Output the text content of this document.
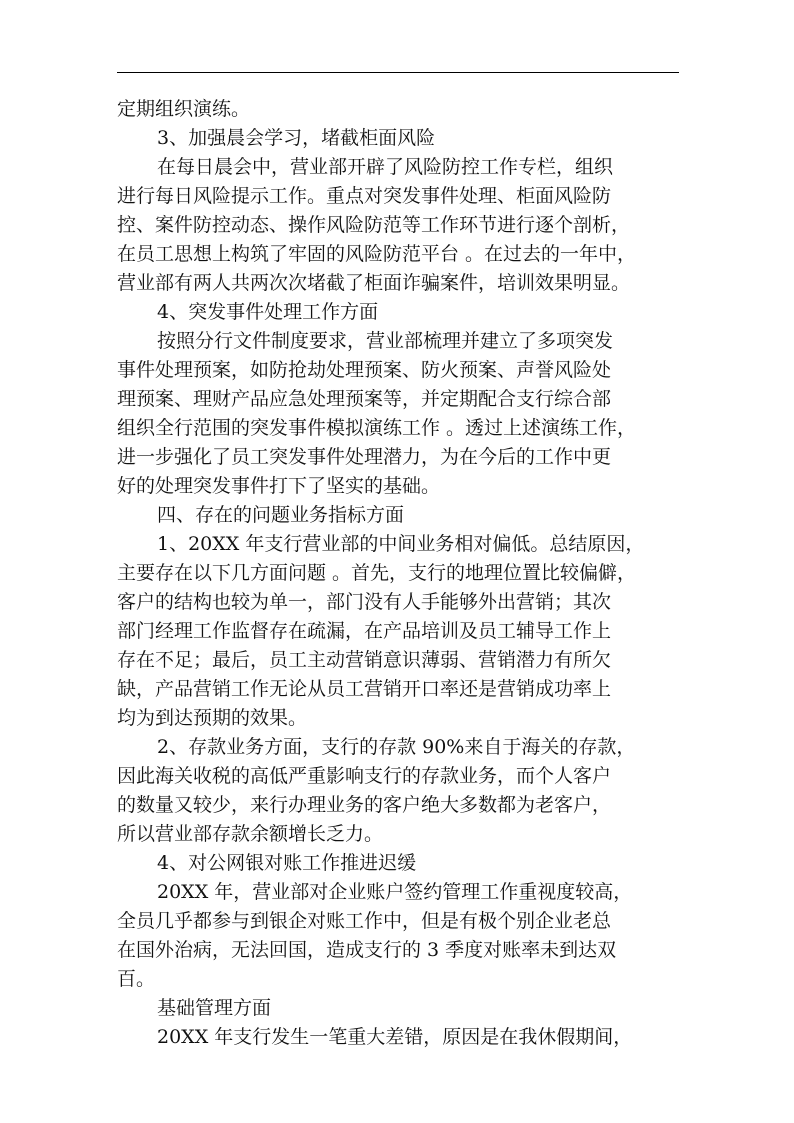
定期组织演练。
3、加强晨会学习，堵截柜面风险
在每日晨会中，营业部开辟了风险防控工作专栏，组织
进行每日风险提示工作。重点对突发事件处理、柜面风险防
控、案件防控动态、操作风险防范等工作环节进行逐个剖析，
在员工思想上构筑了牢固的风险防范平台 。在过去的一年中，
营业部有两人共两次次堵截了柜面诈骗案件，培训效果明显。
4、突发事件处理工作方面
按照分行文件制度要求，营业部梳理并建立了多项突发
事件处理预案，如防抢劫处理预案、防火预案、声誉风险处
理预案、理财产品应急处理预案等，并定期配合支行综合部
组织全行范围的突发事件模拟演练工作 。透过上述演练工作，
进一步强化了员工突发事件处理潜力，为在今后的工作中更
好的处理突发事件打下了坚实的基础。
四、存在的问题业务指标方面
1、20XX 年支行营业部的中间业务相对偏低。总结原因，
主要存在以下几方面问题 。首先，支行的地理位置比较偏僻，
客户的结构也较为单一，部门没有人手能够外出营销；其次
部门经理工作监督存在疏漏，在产品培训及员工辅导工作上
存在不足；最后，员工主动营销意识薄弱、营销潜力有所欠
缺，产品营销工作无论从员工营销开口率还是营销成功率上
均为到达预期的效果。
2、存款业务方面，支行的存款 90%来自于海关的存款，
因此海关收税的高低严重影响支行的存款业务，而个人客户
的数量又较少，来行办理业务的客户绝大多数都为老客户，
所以营业部存款余额增长乏力。
4、对公网银对账工作推进迟缓
20XX 年，营业部对企业账户签约管理工作重视度较高，
全员几乎都参与到银企对账工作中，但是有极个别企业老总
在国外治病，无法回国，造成支行的 3 季度对账率未到达双
百。
基础管理方面
20XX 年支行发生一笔重大差错，原因是在我休假期间，
